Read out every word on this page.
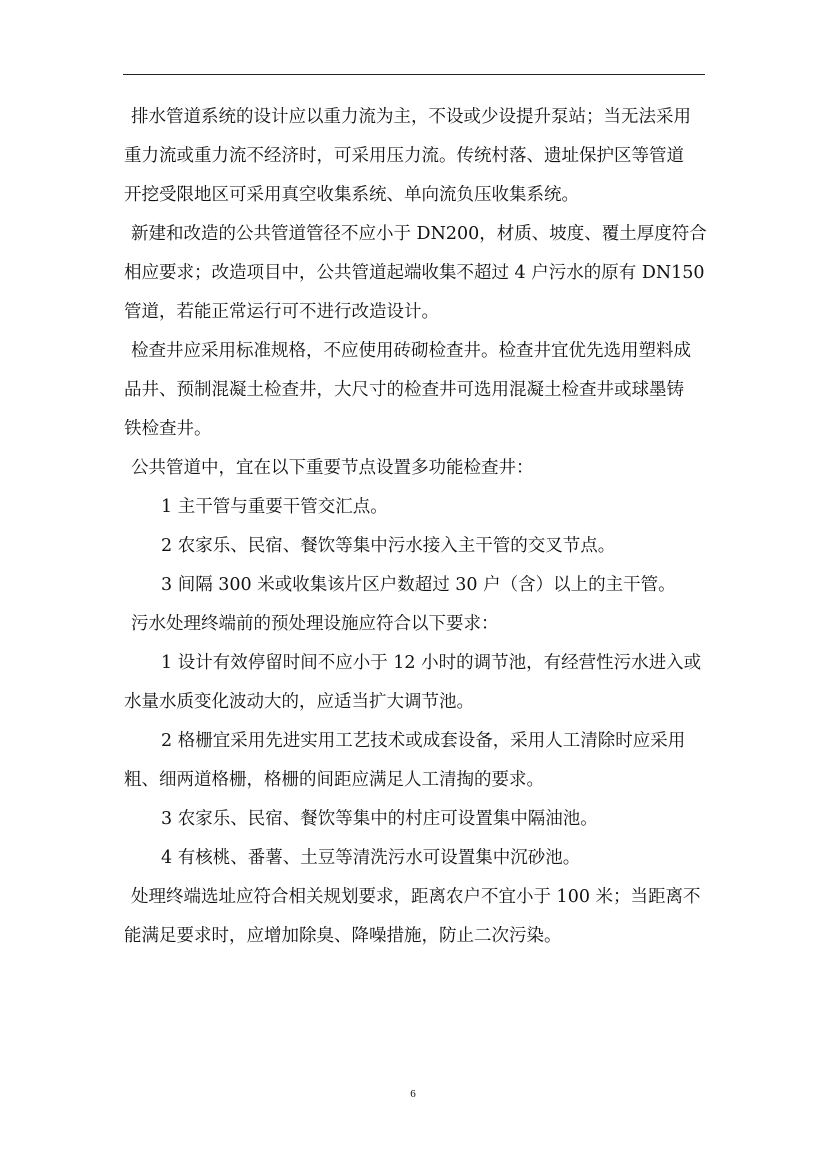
排水管道系统的设计应以重力流为主，不设或少设提升泵站；当无法采用
重力流或重力流不经济时，可采用压力流。传统村落、遗址保护区等管道
开挖受限地区可采用真空收集系统、单向流负压收集系统。
新建和改造的公共管道管径不应小于 DN200，材质、坡度、覆土厚度符合
相应要求；改造项目中，公共管道起端收集不超过 4 户污水的原有 DN150
管道，若能正常运行可不进行改造设计。
检查井应采用标准规格，不应使用砖砌检查井。检查井宜优先选用塑料成
品井、预制混凝土检查井，大尺寸的检查井可选用混凝土检查井或球墨铸
铁检查井。
公共管道中，宜在以下重要节点设置多功能检查井：
1 主干管与重要干管交汇点。
2 农家乐、民宿、餐饮等集中污水接入主干管的交叉节点。
3 间隔 300 米或收集该片区户数超过 30 户（含）以上的主干管。
污水处理终端前的预处理设施应符合以下要求：
1 设计有效停留时间不应小于 12 小时的调节池，有经营性污水进入或
水量水质变化波动大的，应适当扩大调节池。
2 格栅宜采用先进实用工艺技术或成套设备，采用人工清除时应采用
粗、细两道格栅，格栅的间距应满足人工清掏的要求。
3 农家乐、民宿、餐饮等集中的村庄可设置集中隔油池。
4 有核桃、番薯、土豆等清洗污水可设置集中沉砂池。
处理终端选址应符合相关规划要求，距离农户不宜小于 100 米；当距离不
能满足要求时，应增加除臭、降噪措施，防止二次污染。
6
